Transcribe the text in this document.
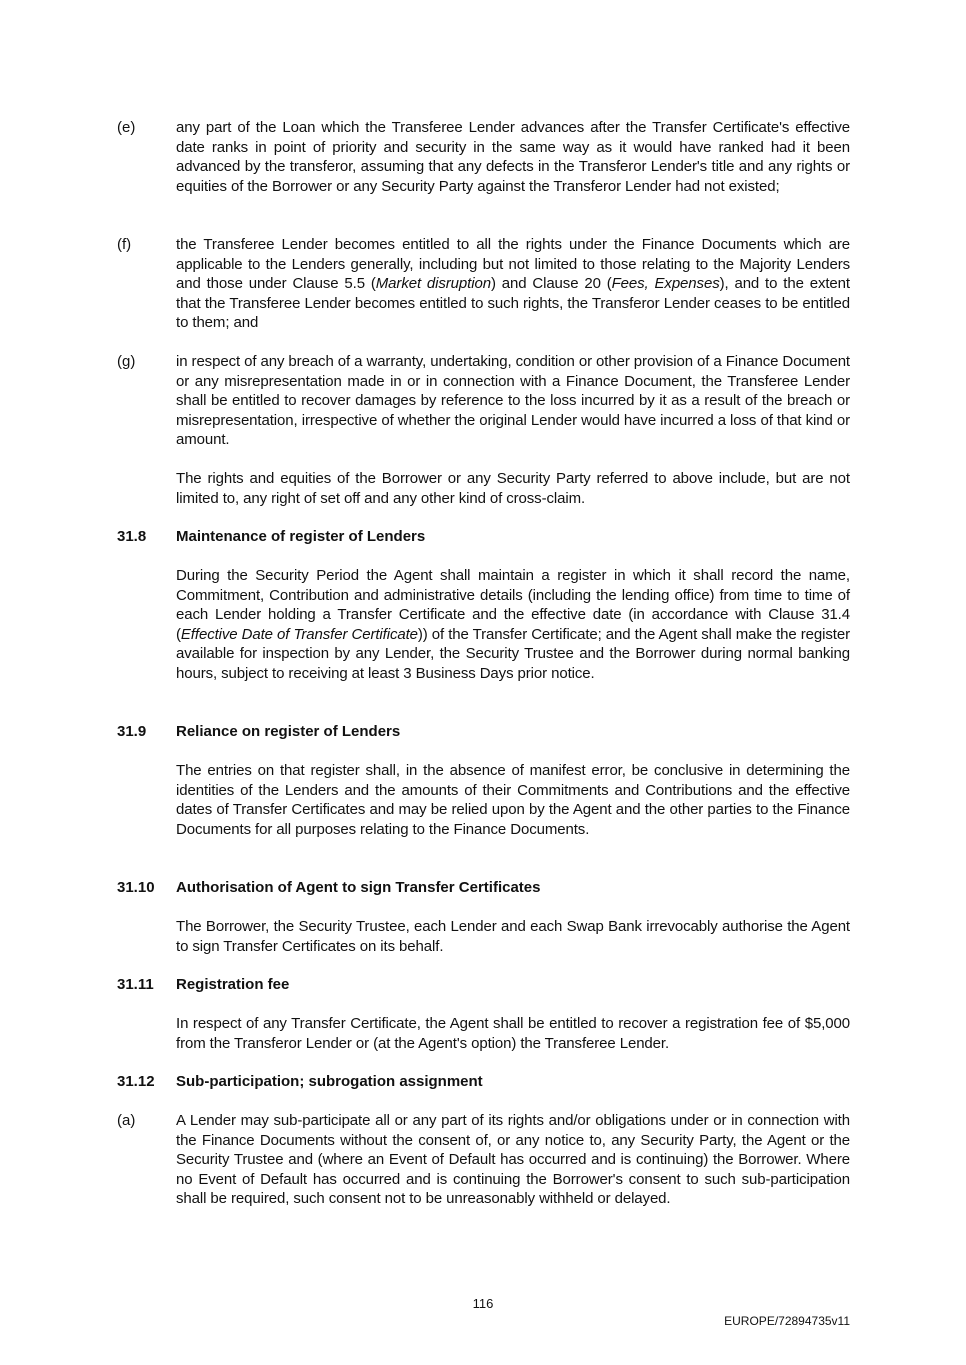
(e)	any part of the Loan which the Transferee Lender advances after the Transfer Certificate's effective date ranks in point of priority and security in the same way as it would have ranked had it been advanced by the transferor, assuming that any defects in the Transferor Lender's title and any rights or equities of the Borrower or any Security Party against the Transferor Lender had not existed;

(f)	the Transferee Lender becomes entitled to all the rights under the Finance Documents which are applicable to the Lenders generally, including but not limited to those relating to the Majority Lenders and those under Clause 5.5 (Market disruption) and Clause 20 (Fees, Expenses), and to the extent that the Transferee Lender becomes entitled to such rights, the Transferor Lender ceases to be entitled to them; and

(g)	in respect of any breach of a warranty, undertaking, condition or other provision of a Finance Document or any misrepresentation made in or in connection with a Finance Document, the Transferee Lender shall be entitled to recover damages by reference to the loss incurred by it as a result of the breach or misrepresentation, irrespective of whether the original Lender would have incurred a loss of that kind or amount.

The rights and equities of the Borrower or any Security Party referred to above include, but are not limited to, any right of set off and any other kind of cross-claim.

31.8 Maintenance of register of Lenders

During the Security Period the Agent shall maintain a register in which it shall record the name, Commitment, Contribution and administrative details (including the lending office) from time to time of each Lender holding a Transfer Certificate and the effective date (in accordance with Clause 31.4 (Effective Date of Transfer Certificate)) of the Transfer Certificate; and the Agent shall make the register available for inspection by any Lender, the Security Trustee and the Borrower during normal banking hours, subject to receiving at least 3 Business Days prior notice.

31.9 Reliance on register of Lenders

The entries on that register shall, in the absence of manifest error, be conclusive in determining the identities of the Lenders and the amounts of their Commitments and Contributions and the effective dates of Transfer Certificates and may be relied upon by the Agent and the other parties to the Finance Documents for all purposes relating to the Finance Documents.

31.10 Authorisation of Agent to sign Transfer Certificates

The Borrower, the Security Trustee, each Lender and each Swap Bank irrevocably authorise the Agent to sign Transfer Certificates on its behalf.

31.11 Registration fee

In respect of any Transfer Certificate, the Agent shall be entitled to recover a registration fee of $5,000 from the Transferor Lender or (at the Agent's option) the Transferee Lender.

31.12 Sub-participation; subrogation assignment

(a)	A Lender may sub-participate all or any part of its rights and/or obligations under or in connection with the Finance Documents without the consent of, or any notice to, any Security Party, the Agent or the Security Trustee and (where an Event of Default has occurred and is continuing) the Borrower. Where no Event of Default has occurred and is continuing the Borrower's consent to such sub-participation shall be required, such consent not to be unreasonably withheld or delayed.

116
EUROPE/72894735v11
